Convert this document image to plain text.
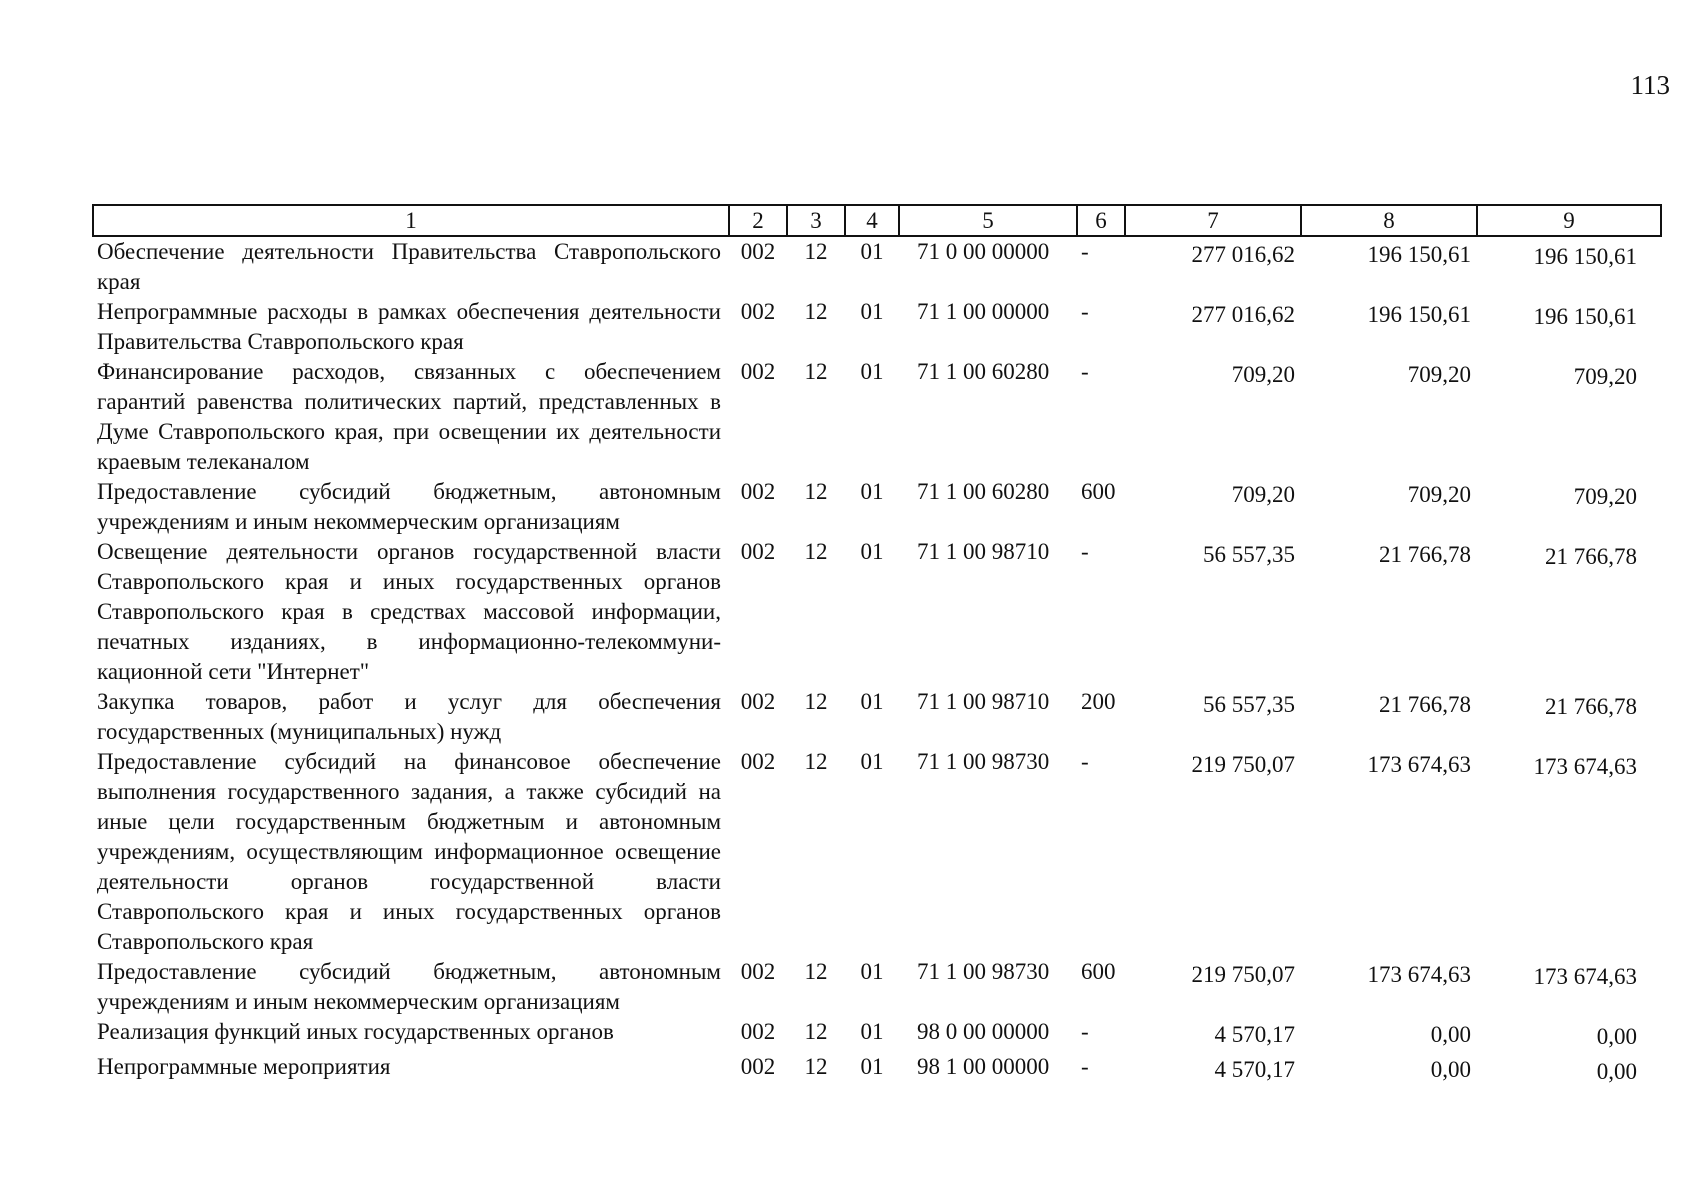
113
1	2	3	4	5	6	7	8	9
Обеспечение деятельности Правительства Ставропольского края	002	12	01	71 0 00 00000	-	277 016,62	196 150,61	196 150,61
Непрограммные расходы в рамках обеспечения деятельности Правительства Ставропольского края	002	12	01	71 1 00 00000	-	277 016,62	196 150,61	196 150,61
Финансирование расходов, связанных с обеспечением гарантий равенства политических партий, представленных в Думе Ставропольского края, при освещении их деятельности краевым телеканалом	002	12	01	71 1 00 60280	-	709,20	709,20	709,20
Предоставление субсидий бюджетным, автономным учреждениям и иным некоммерческим организациям	002	12	01	71 1 00 60280	600	709,20	709,20	709,20
Освещение деятельности органов государственной власти Ставропольского края и иных государственных органов Ставропольского края в средствах массовой информации, печатных изданиях, в информационно-телекоммуни-кационной сети "Интернет"	002	12	01	71 1 00 98710	-	56 557,35	21 766,78	21 766,78
Закупка товаров, работ и услуг для обеспечения государственных (муниципальных) нужд	002	12	01	71 1 00 98710	200	56 557,35	21 766,78	21 766,78
Предоставление субсидий на финансовое обеспечение выполнения государственного задания, а также субсидий на иные цели государственным бюджетным и автономным учреждениям, осуществляющим информационное освещение деятельности органов государственной власти Ставропольского края и иных государственных органов Ставропольского края	002	12	01	71 1 00 98730	-	219 750,07	173 674,63	173 674,63
Предоставление субсидий бюджетным, автономным учреждениям и иным некоммерческим организациям	002	12	01	71 1 00 98730	600	219 750,07	173 674,63	173 674,63
Реализация функций иных государственных органов	002	12	01	98 0 00 00000	-	4 570,17	0,00	0,00
Непрограммные мероприятия	002	12	01	98 1 00 00000	-	4 570,17	0,00	0,00
